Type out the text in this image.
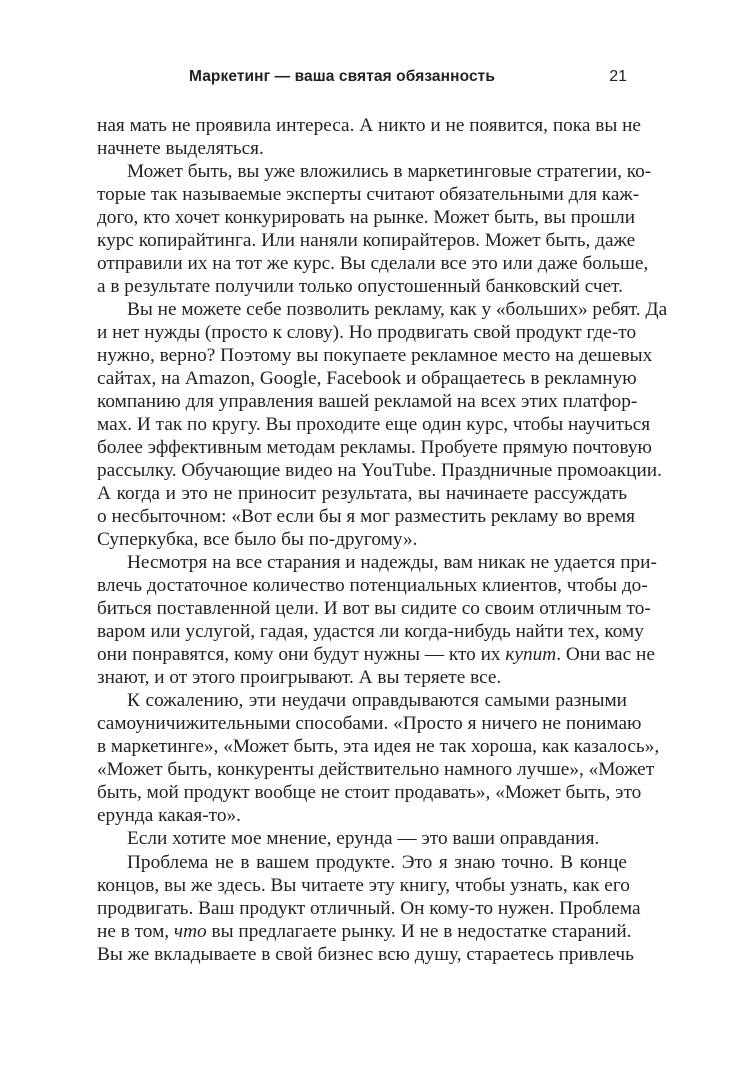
Маркетинг — ваша святая обязанность	21
ная мать не проявила интереса. А никто и не появится, пока вы не
начнете выделяться.
Может быть, вы уже вложились в маркетинговые стратегии, ко-
торые так называемые эксперты считают обязательными для каж-
дого, кто хочет конкурировать на рынке. Может быть, вы прошли
курс копирайтинга. Или наняли копирайтеров. Может быть, даже
отправили их на тот же курс. Вы сделали все это или даже больше,
а в результате получили только опустошенный банковский счет.
Вы не можете себе позволить рекламу, как у «больших» ребят. Да
и нет нужды (просто к слову). Но продвигать свой продукт где-то
нужно, верно? Поэтому вы покупаете рекламное место на дешевых
сайтах, на Amazon, Google, Facebook и обращаетесь в рекламную
компанию для управления вашей рекламой на всех этих платфор-
мах. И так по кругу. Вы проходите еще один курс, чтобы научиться
более эффективным методам рекламы. Пробуете прямую почтовую
рассылку. Обучающие видео на YouTube. Праздничные промоакции.
А когда и это не приносит результата, вы начинаете рассуждать
о несбыточном: «Вот если бы я мог разместить рекламу во время
Суперкубка, все было бы по-другому».
Несмотря на все старания и надежды, вам никак не удается при-
влечь достаточное количество потенциальных клиентов, чтобы до-
биться поставленной цели. И вот вы сидите со своим отличным то-
варом или услугой, гадая, удастся ли когда-нибудь найти тех, кому
они понравятся, кому они будут нужны — кто их купит. Они вас не
знают, и от этого проигрывают. А вы теряете все.
К сожалению, эти неудачи оправдываются самыми разными
самоуничижительными способами. «Просто я ничего не понимаю
в маркетинге», «Может быть, эта идея не так хороша, как казалось»,
«Может быть, конкуренты действительно намного лучше», «Может
быть, мой продукт вообще не стоит продавать», «Может быть, это
ерунда какая-то».
Если хотите мое мнение, ерунда — это ваши оправдания.
Проблема не в вашем продукте. Это я знаю точно. В конце
концов, вы же здесь. Вы читаете эту книгу, чтобы узнать, как его
продвигать. Ваш продукт отличный. Он кому-то нужен. Проблема
не в том, что вы предлагаете рынку. И не в недостатке стараний.
Вы же вкладываете в свой бизнес всю душу, стараетесь привлечь
